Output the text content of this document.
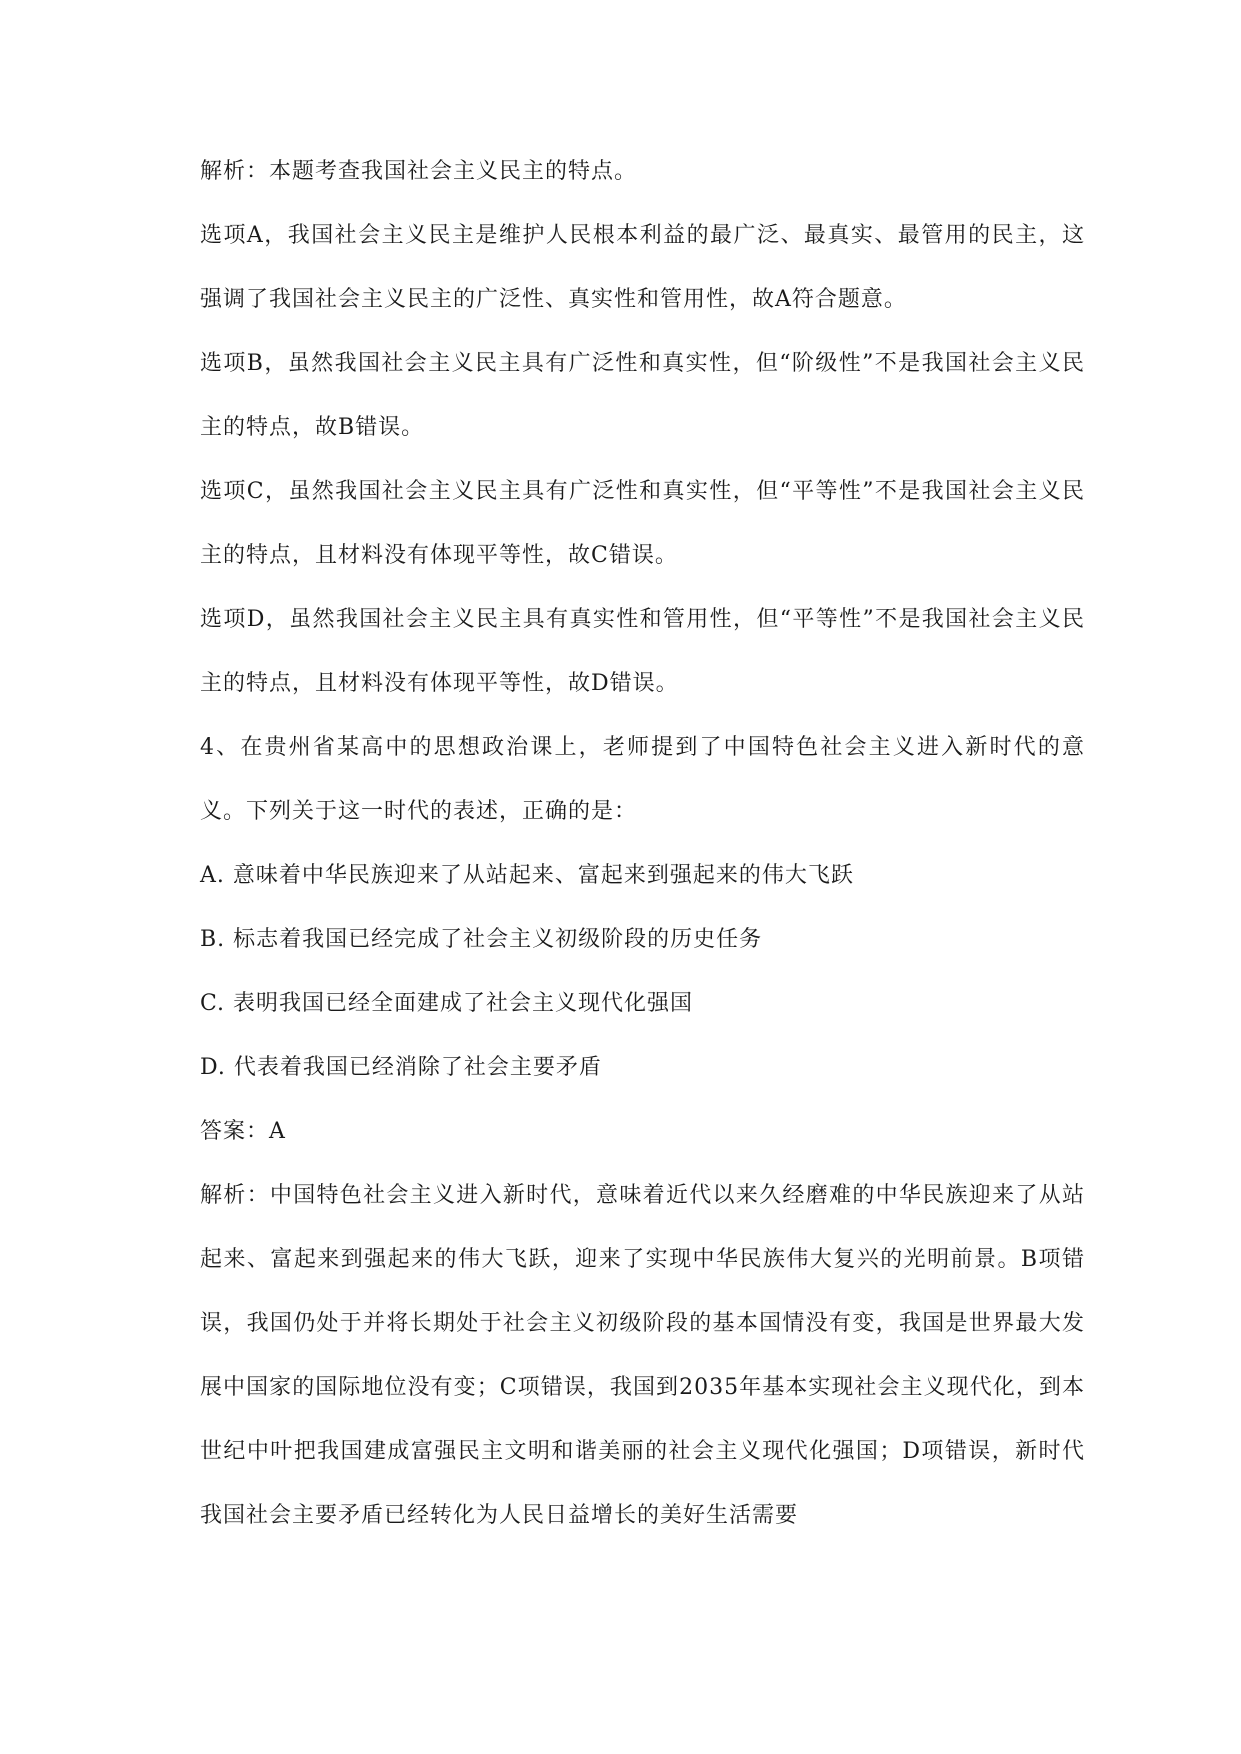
解析：本题考查我国社会主义民主的特点。

选项A，我国社会主义民主是维护人民根本利益的最广泛、最真实、最管用的民主，这强调了我国社会主义民主的广泛性、真实性和管用性，故A符合题意。

选项B，虽然我国社会主义民主具有广泛性和真实性，但“阶级性”不是我国社会主义民主的特点，故B错误。

选项C，虽然我国社会主义民主具有广泛性和真实性，但“平等性”不是我国社会主义民主的特点，且材料没有体现平等性，故C错误。

选项D，虽然我国社会主义民主具有真实性和管用性，但“平等性”不是我国社会主义民主的特点，且材料没有体现平等性，故D错误。

4、在贵州省某高中的思想政治课上，老师提到了中国特色社会主义进入新时代的意义。下列关于这一时代的表述，正确的是：

A. 意味着中华民族迎来了从站起来、富起来到强起来的伟大飞跃

B. 标志着我国已经完成了社会主义初级阶段的历史任务

C. 表明我国已经全面建成了社会主义现代化强国

D. 代表着我国已经消除了社会主要矛盾

答案：A

解析：中国特色社会主义进入新时代，意味着近代以来久经磨难的中华民族迎来了从站起来、富起来到强起来的伟大飞跃，迎来了实现中华民族伟大复兴的光明前景。B项错误，我国仍处于并将长期处于社会主义初级阶段的基本国情没有变，我国是世界最大发展中国家的国际地位没有变；C项错误，我国到2035年基本实现社会主义现代化，到本世纪中叶把我国建成富强民主文明和谐美丽的社会主义现代化强国；D项错误，新时代我国社会主要矛盾已经转化为人民日益增长的美好生活需要
